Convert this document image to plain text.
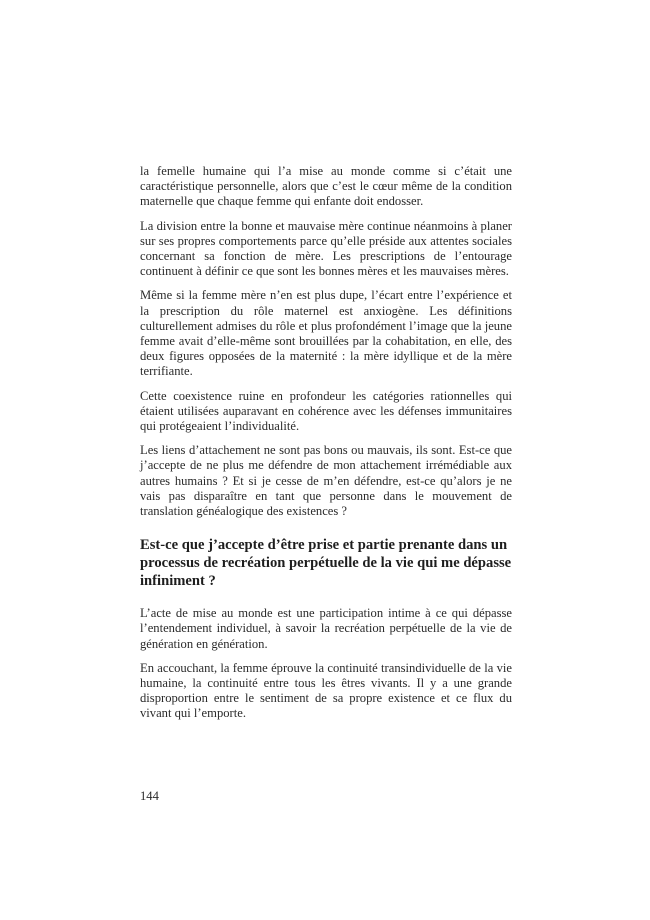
la femelle humaine qui l’a mise au monde comme si c’était une caractéristique personnelle, alors que c’est le cœur même de la condition maternelle que chaque femme qui enfante doit endosser.

La division entre la bonne et mauvaise mère continue néanmoins à planer sur ses propres comportements parce qu’elle préside aux attentes sociales concernant sa fonction de mère. Les prescriptions de l’entourage continuent à définir ce que sont les bonnes mères et les mauvaises mères.

Même si la femme mère n’en est plus dupe, l’écart entre l’expérience et la prescription du rôle maternel est anxiogène. Les définitions culturellement admises du rôle et plus profondément l’image que la jeune femme avait d’elle-même sont brouillées par la cohabitation, en elle, des deux figures opposées de la maternité : la mère idyllique et de la mère terrifiante.

Cette coexistence ruine en profondeur les catégories rationnelles qui étaient utilisées auparavant en cohérence avec les défenses immunitaires qui protégeaient l’individualité.

Les liens d’attachement ne sont pas bons ou mauvais, ils sont. Est-ce que j’accepte de ne plus me défendre de mon attachement irrémédiable aux autres humains ? Et si je cesse de m’en défendre, est-ce qu’alors je ne vais pas disparaître en tant que personne dans le mouvement de translation généalogique des existences ?

Est-ce que j’accepte d’être prise et partie prenante dans un processus de recréation perpétuelle de la vie qui me dépasse infiniment ?

L’acte de mise au monde est une participation intime à ce qui dépasse l’entendement individuel, à savoir la recréation perpétuelle de la vie de génération en génération.

En accouchant, la femme éprouve la continuité transindividuelle de la vie humaine, la continuité entre tous les êtres vivants. Il y a une grande disproportion entre le sentiment de sa propre existence et ce flux du vivant qui l’emporte.

144
